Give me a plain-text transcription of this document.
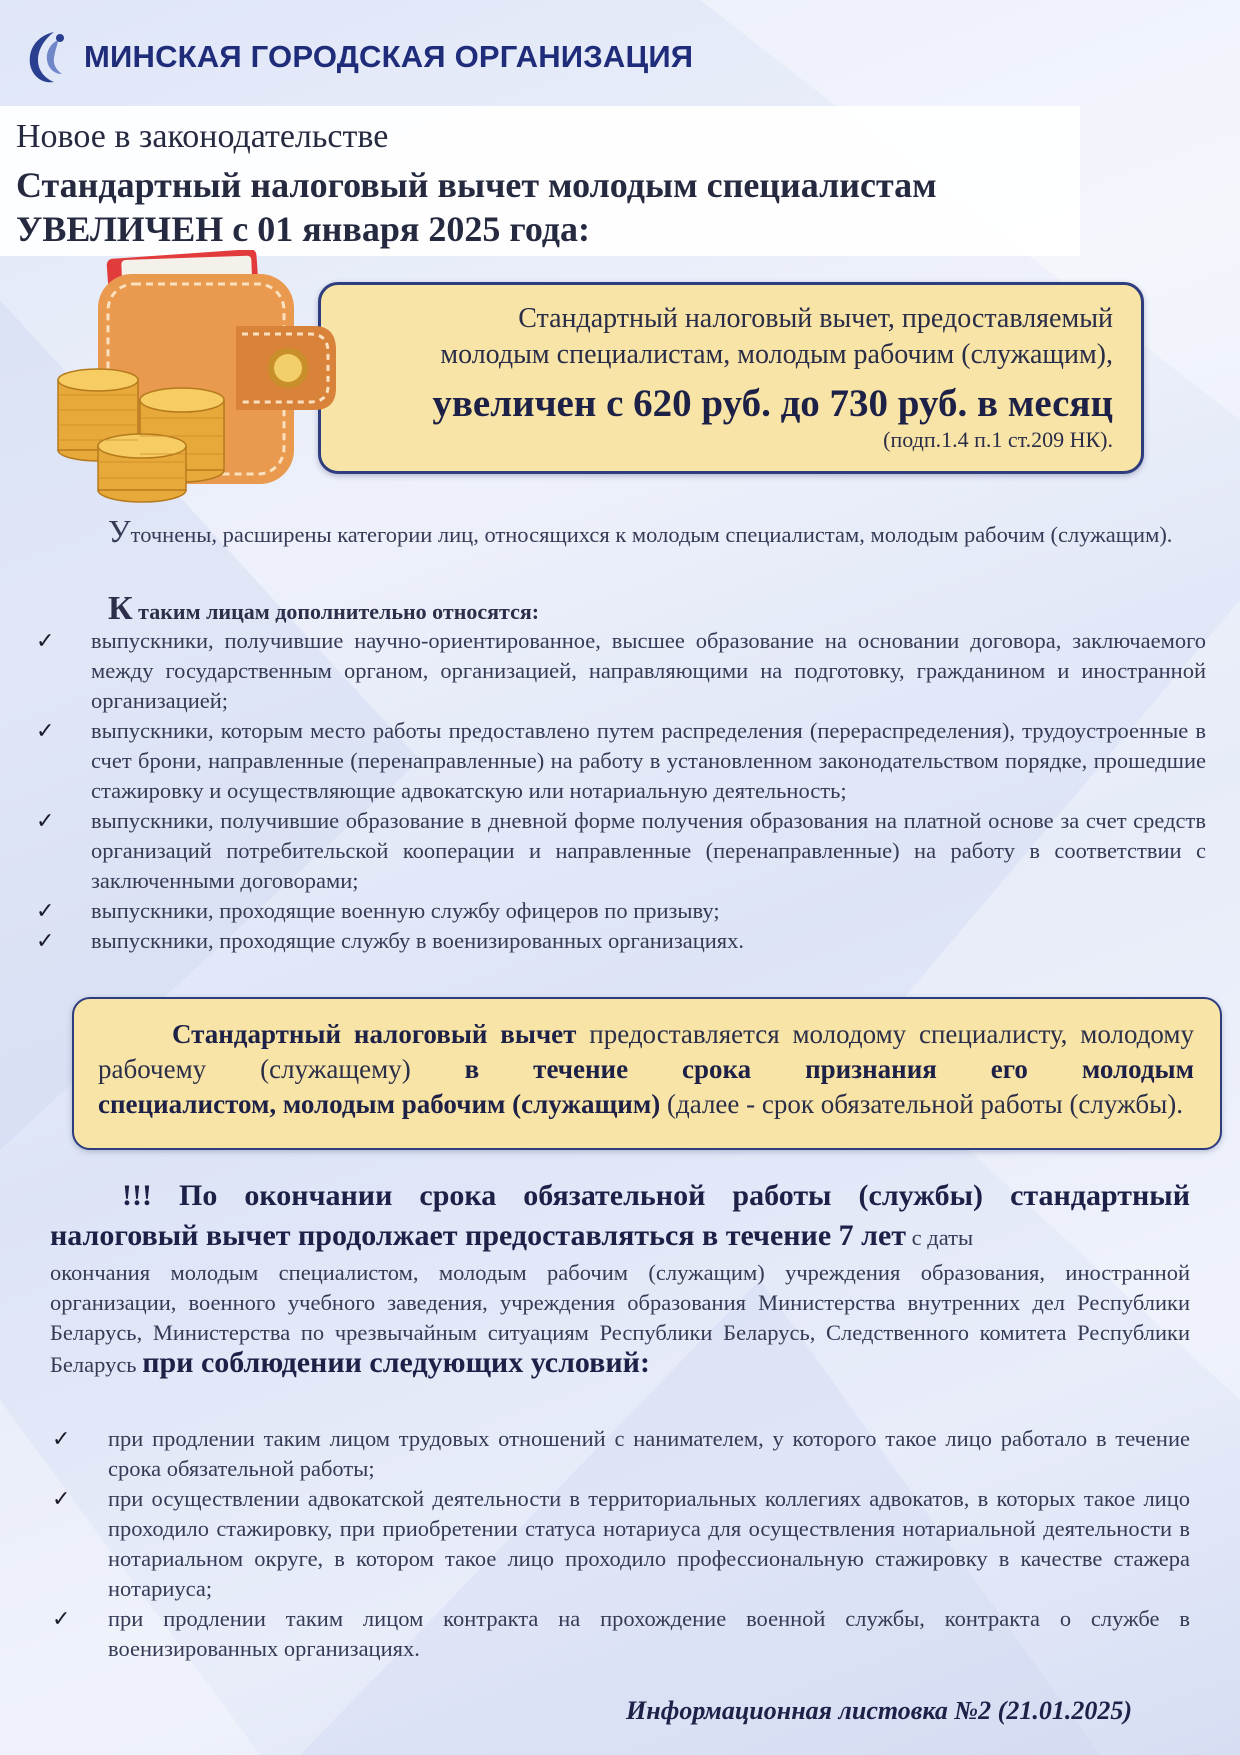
МИНСКАЯ ГОРОДСКАЯ ОРГАНИЗАЦИЯ
Новое в законодательстве
Стандартный налоговый вычет молодым специалистам
УВЕЛИЧЕН с 01 января 2025 года:
Стандартный налоговый вычет, предоставляемый
молодым специалистам, молодым рабочим (служащим),
увеличен с 620 руб. до 730 руб. в месяц
(подп.1.4 п.1 ст.209 НК).
Уточнены, расширены категории лиц, относящихся к молодым специалистам, молодым рабочим (служащим).
К таким лицам дополнительно относятся:
✓ выпускники, получившие научно-ориентированное, высшее образование на основании договора, заключаемого между государственным органом, организацией, направляющими на подготовку, гражданином и иностранной организацией;
✓ выпускники, которым место работы предоставлено путем распределения (перераспределения), трудоустроенные в счет брони, направленные (перенаправленные) на работу в установленном законодательством порядке, прошедшие стажировку и осуществляющие адвокатскую или нотариальную деятельность;
✓ выпускники, получившие образование в дневной форме получения образования на платной основе за счет средств организаций потребительской кооперации и направленные (перенаправленные) на работу в соответствии с заключенными договорами;
✓ выпускники, проходящие военную службу офицеров по призыву;
✓ выпускники, проходящие службу в военизированных организациях.
Стандартный налоговый вычет предоставляется молодому специалисту, молодому рабочему (служащему) в течение срока признания его молодым
специалистом, молодым рабочим (служащим) (далее - срок обязательной работы (службы).
!!! По окончании срока обязательной работы (службы) стандартный
налоговый вычет продолжает предоставляться в течение 7 лет с даты
окончания молодым специалистом, молодым рабочим (служащим) учреждения образования, иностранной организации, военного учебного заведения, учреждения образования Министерства внутренних дел Республики Беларусь, Министерства по чрезвычайным ситуациям Республики Беларусь, Следственного комитета Республики Беларусь при соблюдении следующих условий:
✓ при продлении таким лицом трудовых отношений с нанимателем, у которого такое лицо работало в течение срока обязательной работы;
✓ при осуществлении адвокатской деятельности в территориальных коллегиях адвокатов, в которых такое лицо проходило стажировку, при приобретении статуса нотариуса для осуществления нотариальной деятельности в нотариальном округе, в котором такое лицо проходило профессиональную стажировку в качестве стажера нотариуса;
✓ при продлении таким лицом контракта на прохождение военной службы, контракта о службе в военизированных организациях.
Информационная листовка №2 (21.01.2025)
